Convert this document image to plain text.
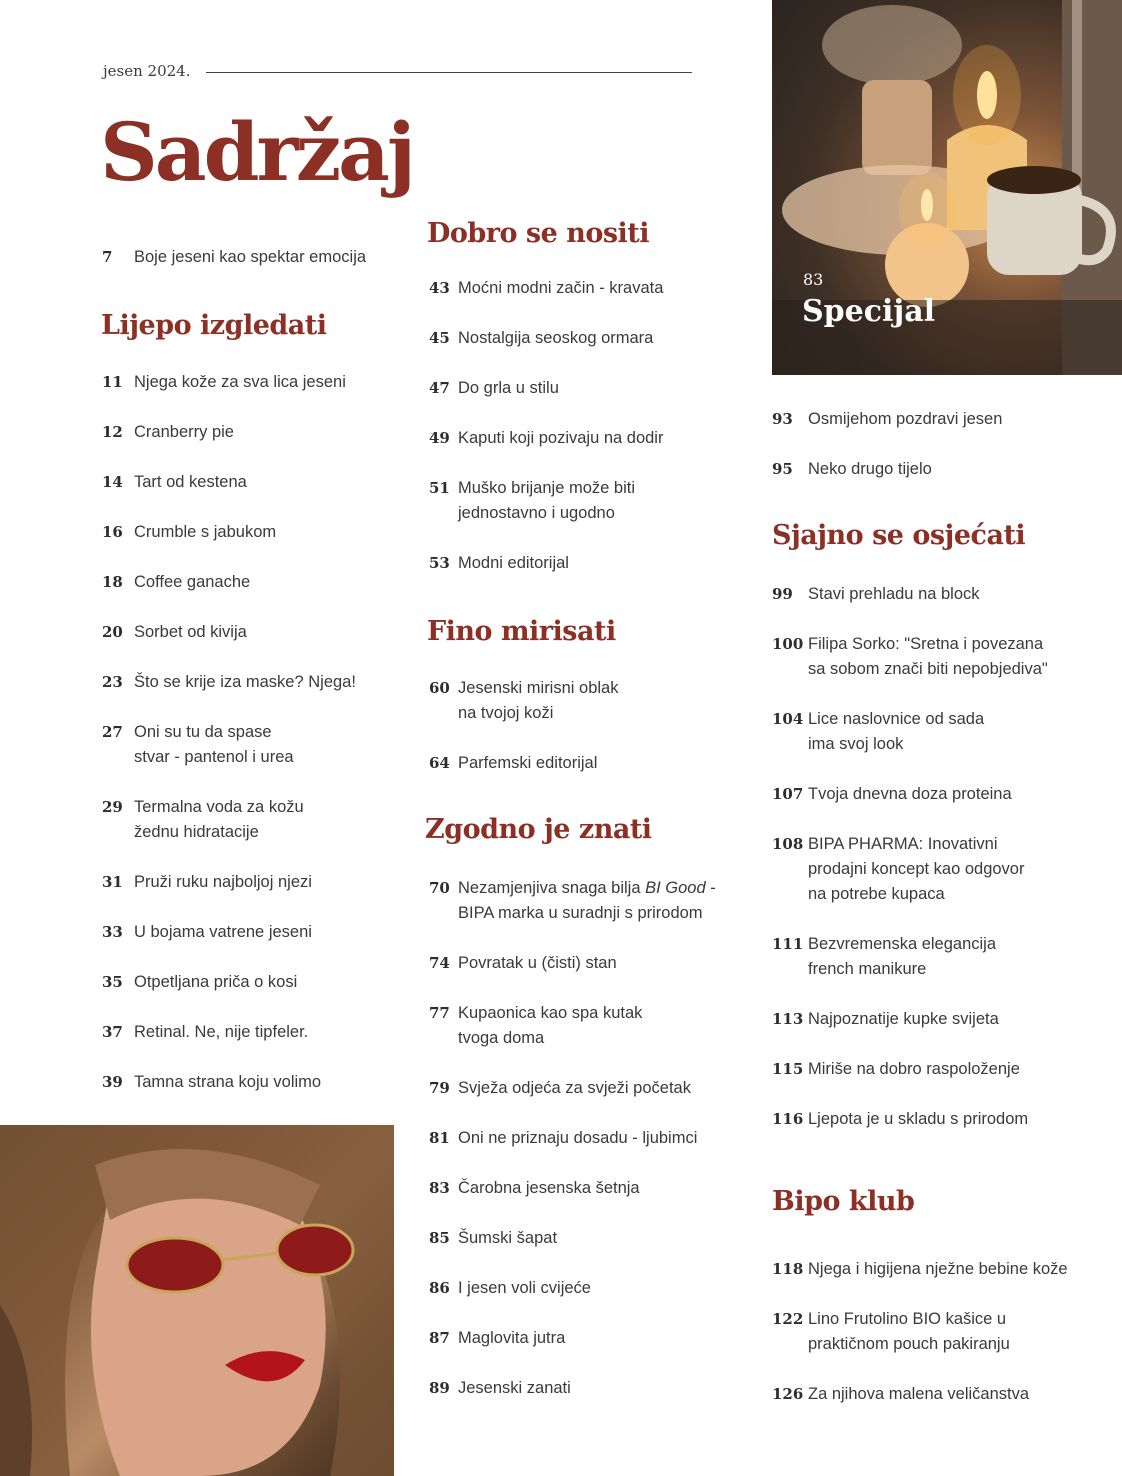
jesen 2024.
Sadržaj
83
Specijal
7	Boje jeseni kao spektar emocija
Lijepo izgledati
11 Njega kože za sva lica jeseni
12 Cranberry pie
14 Tart od kestena
16 Crumble s jabukom
18 Coffee ganache
20 Sorbet od kivija
23 Što se krije iza maske? Njega!
27 Oni su tu da spase
stvar - pantenol i urea
29 Termalna voda za kožu
žednu hidratacije
31 Pruži ruku najboljoj njezi
33 U bojama vatrene jeseni
35 Otpetljana priča o kosi
37 Retinal. Ne, nije tipfeler.
39 Tamna strana koju volimo
Dobro se nositi
43 Moćni modni začin - kravata
45 Nostalgija seoskog ormara
47 Do grla u stilu
49 Kaputi koji pozivaju na dodir
51 Muško brijanje može biti
jednostavno i ugodno
53 Modni editorijal
Fino mirisati
60 Jesenski mirisni oblak
na tvojoj koži
64 Parfemski editorijal
Zgodno je znati
70 Nezamjenjiva snaga bilja BI Good -
BIPA marka u suradnji s prirodom
74 Povratak u (čisti) stan
77 Kupaonica kao spa kutak
tvoga doma
79 Svježa odjeća za svježi početak
81 Oni ne priznaju dosadu - ljubimci
83 Čarobna jesenska šetnja
85 Šumski šapat
86 I jesen voli cvijeće
87 Maglovita jutra
89 Jesenski zanati
93 Osmijehom pozdravi jesen
95 Neko drugo tijelo
Sjajno se osjećati
99 Stavi prehladu na block
100 Filipa Sorko: "Sretna i povezana
sa sobom znači biti nepobjediva"
104 Lice naslovnice od sada
ima svoj look
107 Tvoja dnevna doza proteina
108 BIPA PHARMA: Inovativni
prodajni koncept kao odgovor
na potrebe kupaca
111 Bezvremenska elegancija
french manikure
113 Najpoznatije kupke svijeta
115 Miriše na dobro raspoloženje
116 Ljepota je u skladu s prirodom
Bipo klub
118 Njega i higijena nježne bebine kože
122 Lino Frutolino BIO kašice u
praktičnom pouch pakiranju
126 Za njihova malena veličanstva
